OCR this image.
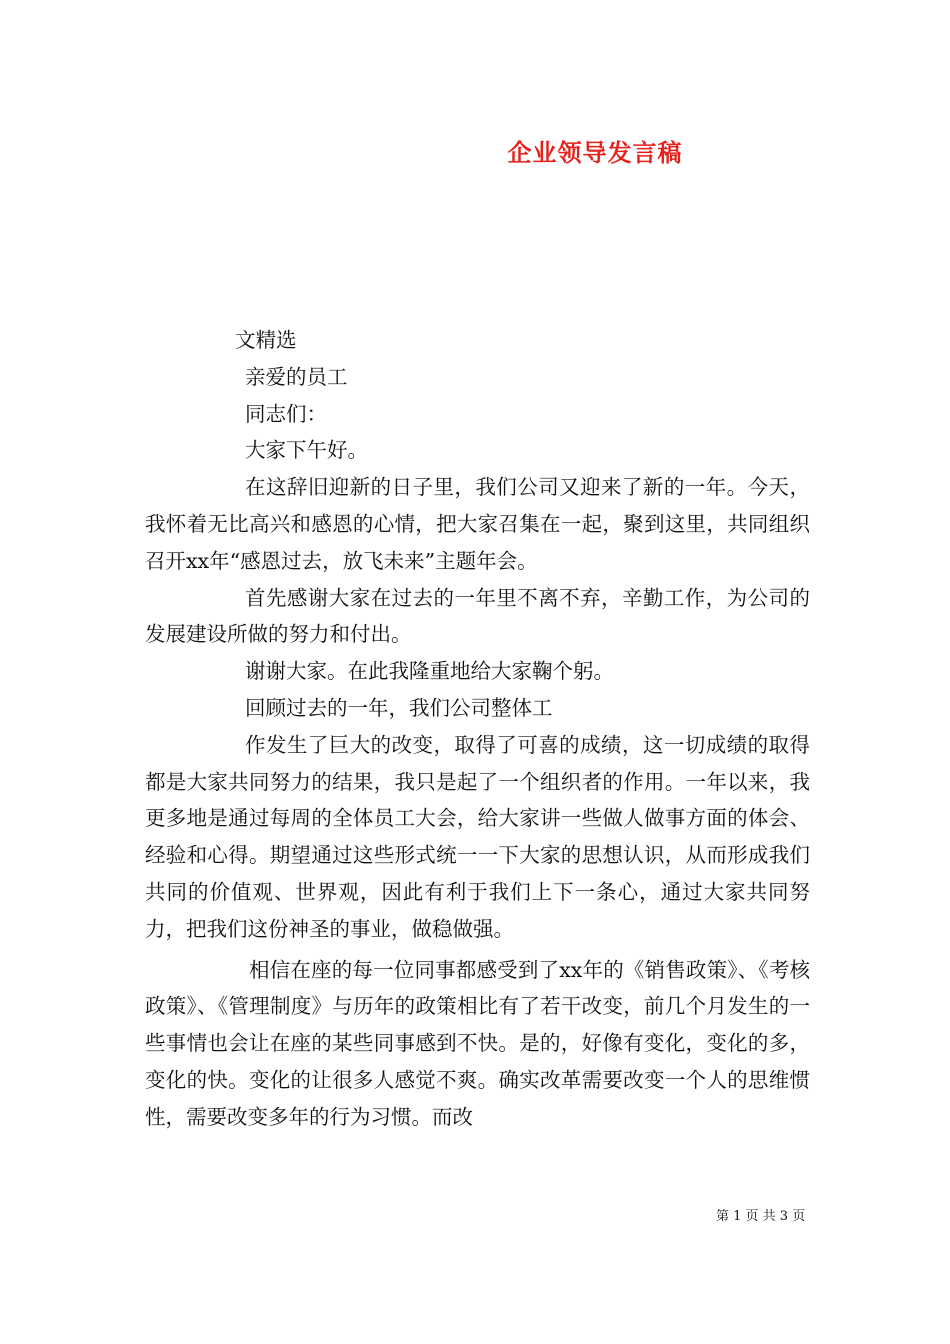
企业领导发言稿

文精选

亲爱的员工

同志们：

大家下午好。

在这辞旧迎新的日子里，我们公司又迎来了新的一年。今天，我怀着无比高兴和感恩的心情，把大家召集在一起，聚到这里，共同组织召开xx年“感恩过去，放飞未来”主题年会。

首先感谢大家在过去的一年里不离不弃，辛勤工作，为公司的发展建设所做的努力和付出。

谢谢大家。在此我隆重地给大家鞠个躬。

回顾过去的一年，我们公司整体工

作发生了巨大的改变，取得了可喜的成绩，这一切成绩的取得都是大家共同努力的结果，我只是起了一个组织者的作用。一年以来，我更多地是通过每周的全体员工大会，给大家讲一些做人做事方面的体会、经验和心得。期望通过这些形式统一一下大家的思想认识，从而形成我们共同的价值观、世界观，因此有利于我们上下一条心，通过大家共同努力，把我们这份神圣的事业，做稳做强。

相信在座的每一位同事都感受到了xx年的《销售政策》、《考核政策》、《管理制度》与历年的政策相比有了若干改变，前几个月发生的一些事情也会让在座的某些同事感到不快。是的，好像有变化，变化的多，变化的快。变化的让很多人感觉不爽。确实改革需要改变一个人的思维惯性，需要改变多年的行为习惯。而改

第 1 页 共 3 页
